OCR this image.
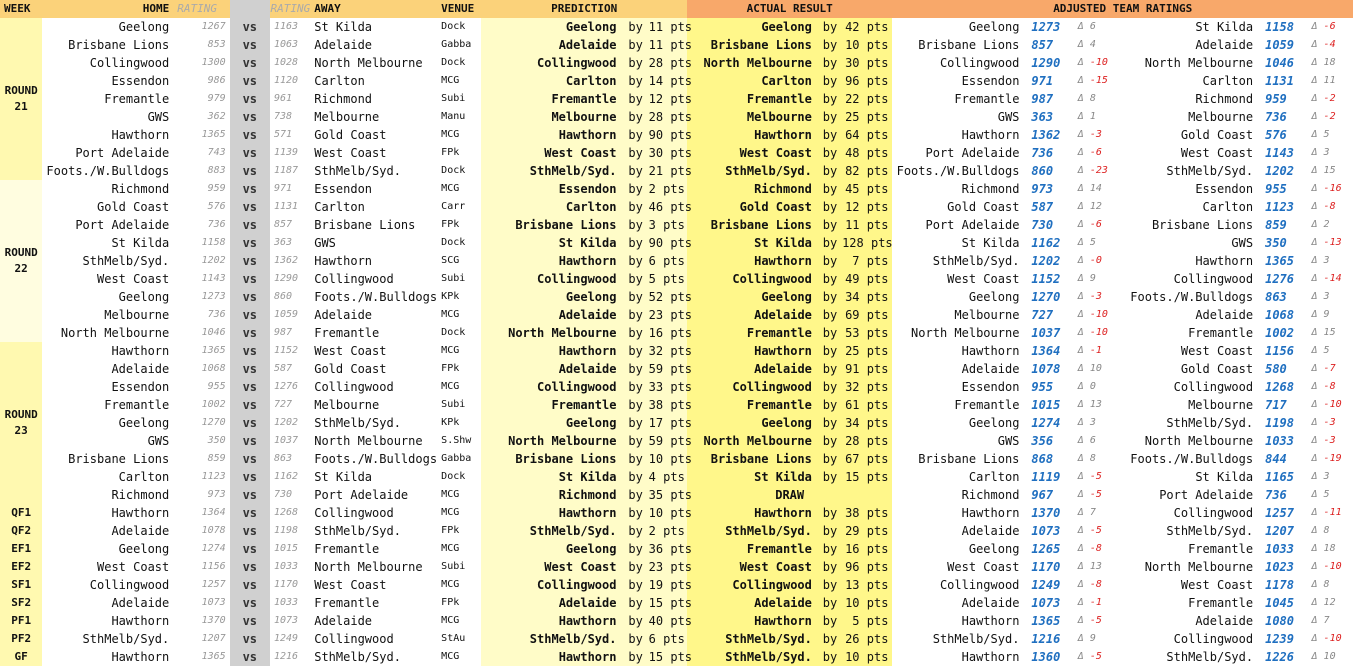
WEEK	HOME	RATING		RATING	AWAY	VENUE	PREDICTION			ACTUAL RESULT			ADJUSTED TEAM RATINGS					
ROUND
21	Geelong	1267	vs	1163	St Kilda	Dock	Geelong	by	11 pts	Geelong	by	42 pts	Geelong	1273	Δ 6	St Kilda	1158	Δ -6
	Brisbane Lions	853	vs	1063	Adelaide	Gabba	Adelaide	by	11 pts	Brisbane Lions	by	10 pts	Brisbane Lions	857	Δ 4	Adelaide	1059	Δ -4
	Collingwood	1300	vs	1028	North Melbourne	Dock	Collingwood	by	28 pts	North Melbourne	by	30 pts	Collingwood	1290	Δ -10	North Melbourne	1046	Δ 18
	Essendon	986	vs	1120	Carlton	MCG	Carlton	by	14 pts	Carlton	by	96 pts	Essendon	971	Δ -15	Carlton	1131	Δ 11
	Fremantle	979	vs	961	Richmond	Subi	Fremantle	by	12 pts	Fremantle	by	22 pts	Fremantle	987	Δ 8	Richmond	959	Δ -2
	GWS	362	vs	738	Melbourne	Manu	Melbourne	by	28 pts	Melbourne	by	25 pts	GWS	363	Δ 1	Melbourne	736	Δ -2
	Hawthorn	1365	vs	571	Gold Coast	MCG	Hawthorn	by	90 pts	Hawthorn	by	64 pts	Hawthorn	1362	Δ -3	Gold Coast	576	Δ 5
	Port Adelaide	743	vs	1139	West Coast	FPk	West Coast	by	30 pts	West Coast	by	48 pts	Port Adelaide	736	Δ -6	West Coast	1143	Δ 3
	Foots./W.Bulldogs	883	vs	1187	SthMelb/Syd.	Dock	SthMelb/Syd.	by	21 pts	SthMelb/Syd.	by	82 pts	Foots./W.Bulldogs	860	Δ -23	SthMelb/Syd.	1202	Δ 15
ROUND
22	Richmond	959	vs	971	Essendon	MCG	Essendon	by	2 pts	Richmond	by	45 pts	Richmond	973	Δ 14	Essendon	955	Δ -16
	Gold Coast	576	vs	1131	Carlton	Carr	Carlton	by	46 pts	Gold Coast	by	12 pts	Gold Coast	587	Δ 12	Carlton	1123	Δ -8
	Port Adelaide	736	vs	857	Brisbane Lions	FPk	Brisbane Lions	by	3 pts	Brisbane Lions	by	11 pts	Port Adelaide	730	Δ -6	Brisbane Lions	859	Δ 2
	St Kilda	1158	vs	363	GWS	Dock	St Kilda	by	90 pts	St Kilda	by	128 pts	St Kilda	1162	Δ 5	GWS	350	Δ -13
	SthMelb/Syd.	1202	vs	1362	Hawthorn	SCG	Hawthorn	by	6 pts	Hawthorn	by	7 pts	SthMelb/Syd.	1202	Δ -0	Hawthorn	1365	Δ 3
	West Coast	1143	vs	1290	Collingwood	Subi	Collingwood	by	5 pts	Collingwood	by	49 pts	West Coast	1152	Δ 9	Collingwood	1276	Δ -14
	Geelong	1273	vs	860	Foots./W.Bulldogs	KPk	Geelong	by	52 pts	Geelong	by	34 pts	Geelong	1270	Δ -3	Foots./W.Bulldogs	863	Δ 3
	Melbourne	736	vs	1059	Adelaide	MCG	Adelaide	by	23 pts	Adelaide	by	69 pts	Melbourne	727	Δ -10	Adelaide	1068	Δ 9
	North Melbourne	1046	vs	987	Fremantle	Dock	North Melbourne	by	16 pts	Fremantle	by	53 pts	North Melbourne	1037	Δ -10	Fremantle	1002	Δ 15
ROUND
23	Hawthorn	1365	vs	1152	West Coast	MCG	Hawthorn	by	32 pts	Hawthorn	by	25 pts	Hawthorn	1364	Δ -1	West Coast	1156	Δ 5
	Adelaide	1068	vs	587	Gold Coast	FPk	Adelaide	by	59 pts	Adelaide	by	91 pts	Adelaide	1078	Δ 10	Gold Coast	580	Δ -7
	Essendon	955	vs	1276	Collingwood	MCG	Collingwood	by	33 pts	Collingwood	by	32 pts	Essendon	955	Δ 0	Collingwood	1268	Δ -8
	Fremantle	1002	vs	727	Melbourne	Subi	Fremantle	by	38 pts	Fremantle	by	61 pts	Fremantle	1015	Δ 13	Melbourne	717	Δ -10
	Geelong	1270	vs	1202	SthMelb/Syd.	KPk	Geelong	by	17 pts	Geelong	by	34 pts	Geelong	1274	Δ 3	SthMelb/Syd.	1198	Δ -3
	GWS	350	vs	1037	North Melbourne	S.Shw	North Melbourne	by	59 pts	North Melbourne	by	28 pts	GWS	356	Δ 6	North Melbourne	1033	Δ -3
	Brisbane Lions	859	vs	863	Foots./W.Bulldogs	Gabba	Brisbane Lions	by	10 pts	Brisbane Lions	by	67 pts	Brisbane Lions	868	Δ 8	Foots./W.Bulldogs	844	Δ -19
	Carlton	1123	vs	1162	St Kilda	Dock	St Kilda	by	4 pts	St Kilda	by	15 pts	Carlton	1119	Δ -5	St Kilda	1165	Δ 3
	Richmond	973	vs	730	Port Adelaide	MCG	Richmond	by	35 pts	DRAW			Richmond	967	Δ -5	Port Adelaide	736	Δ 5
QF1	Hawthorn	1364	vs	1268	Collingwood	MCG	Hawthorn	by	10 pts	Hawthorn	by	38 pts	Hawthorn	1370	Δ 7	Collingwood	1257	Δ -11
QF2	Adelaide	1078	vs	1198	SthMelb/Syd.	FPk	SthMelb/Syd.	by	2 pts	SthMelb/Syd.	by	29 pts	Adelaide	1073	Δ -5	SthMelb/Syd.	1207	Δ 8
EF1	Geelong	1274	vs	1015	Fremantle	MCG	Geelong	by	36 pts	Fremantle	by	16 pts	Geelong	1265	Δ -8	Fremantle	1033	Δ 18
EF2	West Coast	1156	vs	1033	North Melbourne	Subi	West Coast	by	23 pts	West Coast	by	96 pts	West Coast	1170	Δ 13	North Melbourne	1023	Δ -10
SF1	Collingwood	1257	vs	1170	West Coast	MCG	Collingwood	by	19 pts	Collingwood	by	13 pts	Collingwood	1249	Δ -8	West Coast	1178	Δ 8
SF2	Adelaide	1073	vs	1033	Fremantle	FPk	Adelaide	by	15 pts	Adelaide	by	10 pts	Adelaide	1073	Δ -1	Fremantle	1045	Δ 12
PF1	Hawthorn	1370	vs	1073	Adelaide	MCG	Hawthorn	by	40 pts	Hawthorn	by	5 pts	Hawthorn	1365	Δ -5	Adelaide	1080	Δ 7
PF2	SthMelb/Syd.	1207	vs	1249	Collingwood	StAu	SthMelb/Syd.	by	6 pts	SthMelb/Syd.	by	26 pts	SthMelb/Syd.	1216	Δ 9	Collingwood	1239	Δ -10
GF	Hawthorn	1365	vs	1216	SthMelb/Syd.	MCG	Hawthorn	by	15 pts	SthMelb/Syd.	by	10 pts	Hawthorn	1360	Δ -5	SthMelb/Syd.	1226	Δ 10
